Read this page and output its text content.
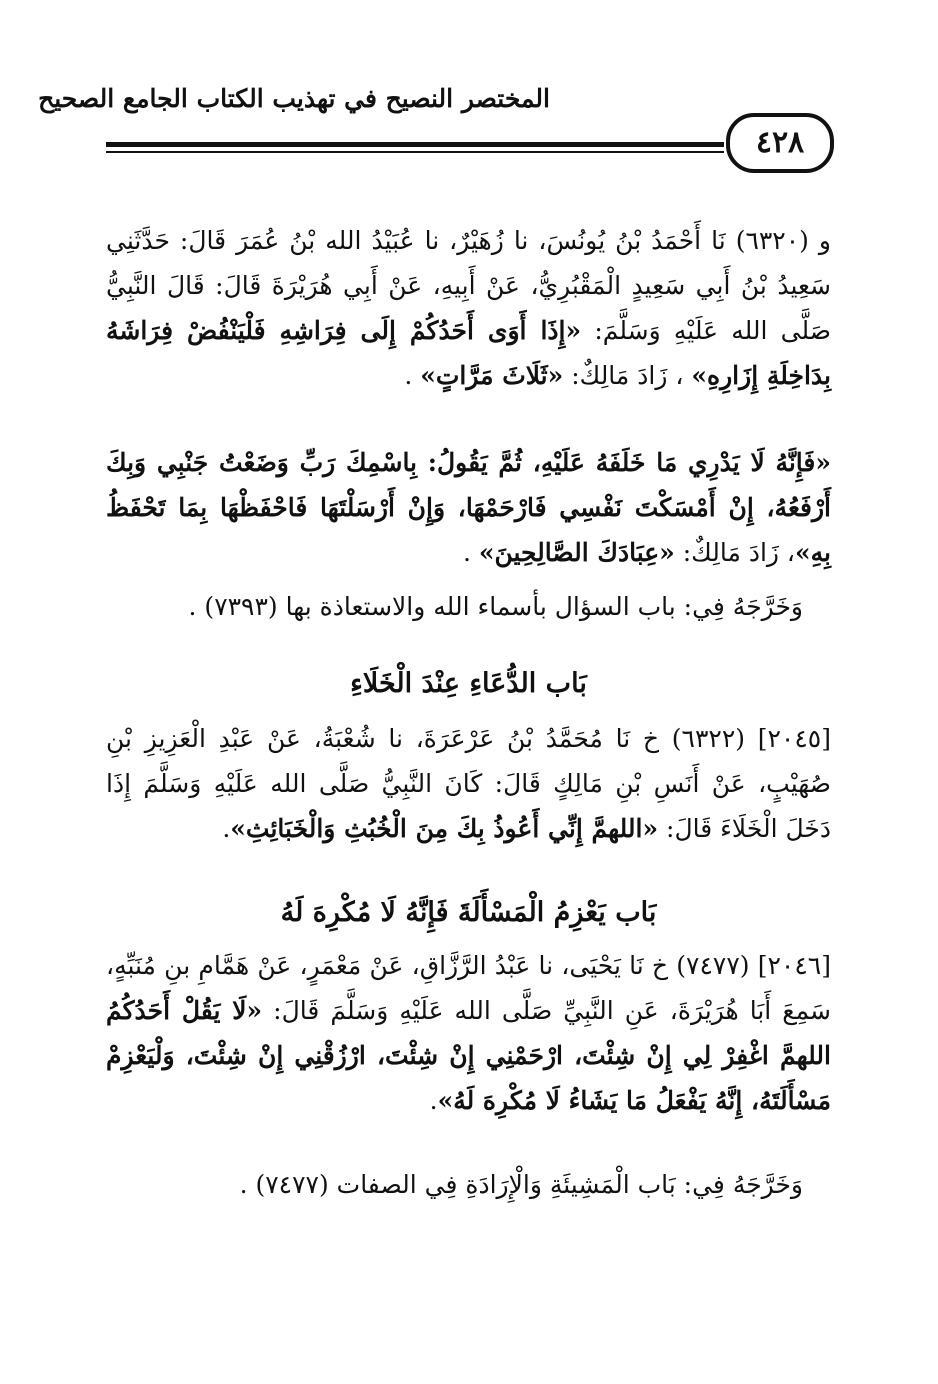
المختصر النصيح في تهذيب الكتاب الجامع الصحيح
٤٢٨
و (٦٣٢٠) نَا أَحْمَدُ بْنُ يُونُسَ، نا زُهَيْرٌ، نا عُبَيْدُ الله بْنُ عُمَرَ قَالَ: حَدَّثَنِي سَعِيدُ بْنُ أَبِي سَعِيدٍ الْمَقْبُرِيُّ، عَنْ أَبِيهِ، عَنْ أَبِي هُرَيْرَةَ قَالَ: قَالَ النَّبِيُّ صَلَّى الله عَلَيْهِ وَسَلَّمَ: «إِذَا أَوَى أَحَدُكُمْ إِلَى فِرَاشِهِ فَلْيَنْفُضْ فِرَاشَهُ بِدَاخِلَةِ إِزَارِهِ» ، زَادَ مَالِكٌ: «ثَلَاثَ مَرَّاتٍ» .
«فَإِنَّهُ لَا يَدْرِي مَا خَلَفَهُ عَلَيْهِ، ثُمَّ يَقُولُ: بِاسْمِكَ رَبِّ وَضَعْتُ جَنْبِي وَبِكَ أَرْفَعُهُ، إِنْ أَمْسَكْتَ نَفْسِي فَارْحَمْهَا، وَإِنْ أَرْسَلْتَهَا فَاحْفَظْهَا بِمَا تَحْفَظُ بِهِ»، زَادَ مَالِكٌ: «عِبَادَكَ الصَّالِحِينَ» .
وَخَرَّجَهُ فِي: باب السؤال بأسماء الله والاستعاذة بها (٧٣٩٣) .
بَاب الدُّعَاءِ عِنْدَ الْخَلَاءِ
[٢٠٤٥] (٦٣٢٢) خ نَا مُحَمَّدُ بْنُ عَرْعَرَةَ، نا شُعْبَةُ، عَنْ عَبْدِ الْعَزِيزِ بْنِ صُهَيْبٍ، عَنْ أَنَسِ بْنِ مَالِكٍ قَالَ: كَانَ النَّبِيُّ صَلَّى الله عَلَيْهِ وَسَلَّمَ إِذَا دَخَلَ الْخَلَاءَ قَالَ: «اللهمَّ إِنِّي أَعُوذُ بِكَ مِنَ الْخُبُثِ وَالْخَبَائِثِ».
بَاب يَعْزِمُ الْمَسْأَلَةَ فَإِنَّهُ لَا مُكْرِهَ لَهُ
[٢٠٤٦] (٧٤٧٧) خ نَا يَحْيَى، نا عَبْدُ الرَّزَّاقِ، عَنْ مَعْمَرٍ، عَنْ هَمَّامِ بنِ مُنَبِّهٍ، سَمِعَ أَبَا هُرَيْرَةَ، عَنِ النَّبِيِّ صَلَّى الله عَلَيْهِ وَسَلَّمَ قَالَ: «لَا يَقُلْ أَحَدُكُمُ اللهمَّ اغْفِرْ لِي إِنْ شِئْتَ، ارْحَمْنِي إِنْ شِئْتَ، ارْزُقْنِي إِنْ شِئْتَ، وَلْيَعْزِمْ مَسْأَلَتَهُ، إِنَّهُ يَفْعَلُ مَا يَشَاءُ لَا مُكْرِهَ لَهُ».
وَخَرَّجَهُ فِي: بَاب الْمَشِيئَةِ وَالْإِرَادَةِ فِي الصفات (٧٤٧٧) .
